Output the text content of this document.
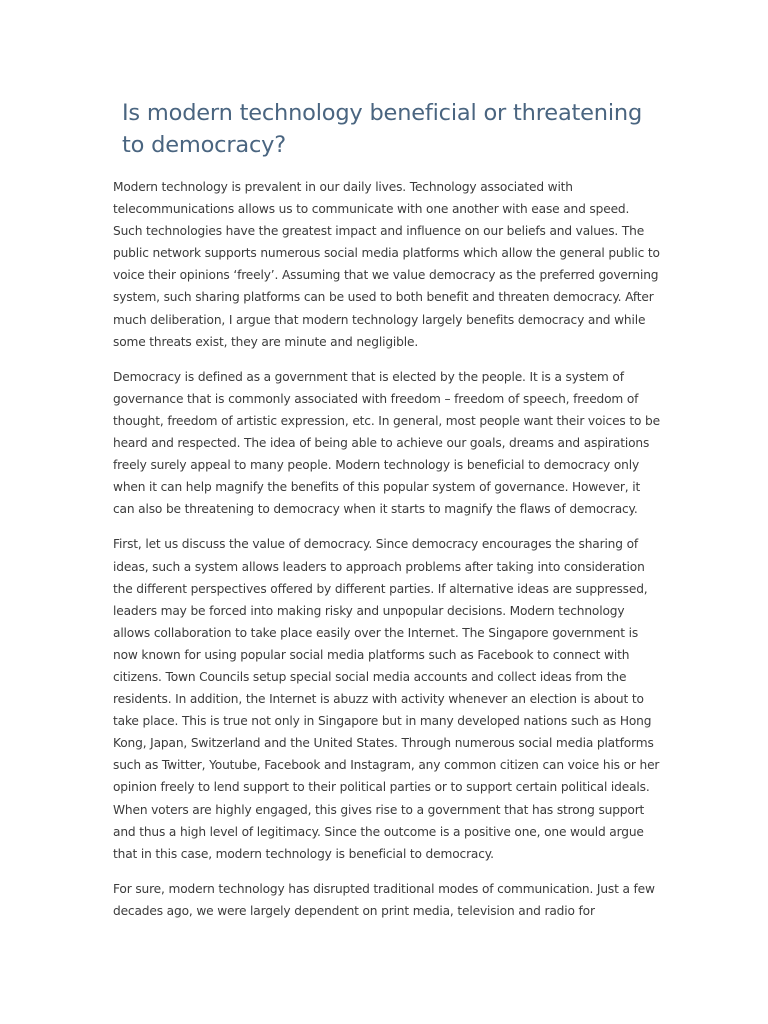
Is modern technology beneficial or threatening to democracy?

Modern technology is prevalent in our daily lives. Technology associated with telecommunications allows us to communicate with one another with ease and speed. Such technologies have the greatest impact and influence on our beliefs and values. The public network supports numerous social media platforms which allow the general public to voice their opinions ‘freely’. Assuming that we value democracy as the preferred governing system, such sharing platforms can be used to both benefit and threaten democracy. After much deliberation, I argue that modern technology largely benefits democracy and while some threats exist, they are minute and negligible.

Democracy is defined as a government that is elected by the people. It is a system of governance that is commonly associated with freedom – freedom of speech, freedom of thought, freedom of artistic expression, etc. In general, most people want their voices to be heard and respected. The idea of being able to achieve our goals, dreams and aspirations freely surely appeal to many people. Modern technology is beneficial to democracy only when it can help magnify the benefits of this popular system of governance. However, it can also be threatening to democracy when it starts to magnify the flaws of democracy.

First, let us discuss the value of democracy. Since democracy encourages the sharing of ideas, such a system allows leaders to approach problems after taking into consideration the different perspectives offered by different parties. If alternative ideas are suppressed, leaders may be forced into making risky and unpopular decisions. Modern technology allows collaboration to take place easily over the Internet. The Singapore government is now known for using popular social media platforms such as Facebook to connect with citizens. Town Councils setup special social media accounts and collect ideas from the residents. In addition, the Internet is abuzz with activity whenever an election is about to take place. This is true not only in Singapore but in many developed nations such as Hong Kong, Japan, Switzerland and the United States. Through numerous social media platforms such as Twitter, Youtube, Facebook and Instagram, any common citizen can voice his or her opinion freely to lend support to their political parties or to support certain political ideals. When voters are highly engaged, this gives rise to a government that has strong support and thus a high level of legitimacy. Since the outcome is a positive one, one would argue that in this case, modern technology is beneficial to democracy.

For sure, modern technology has disrupted traditional modes of communication. Just a few decades ago, we were largely dependent on print media, television and radio for
